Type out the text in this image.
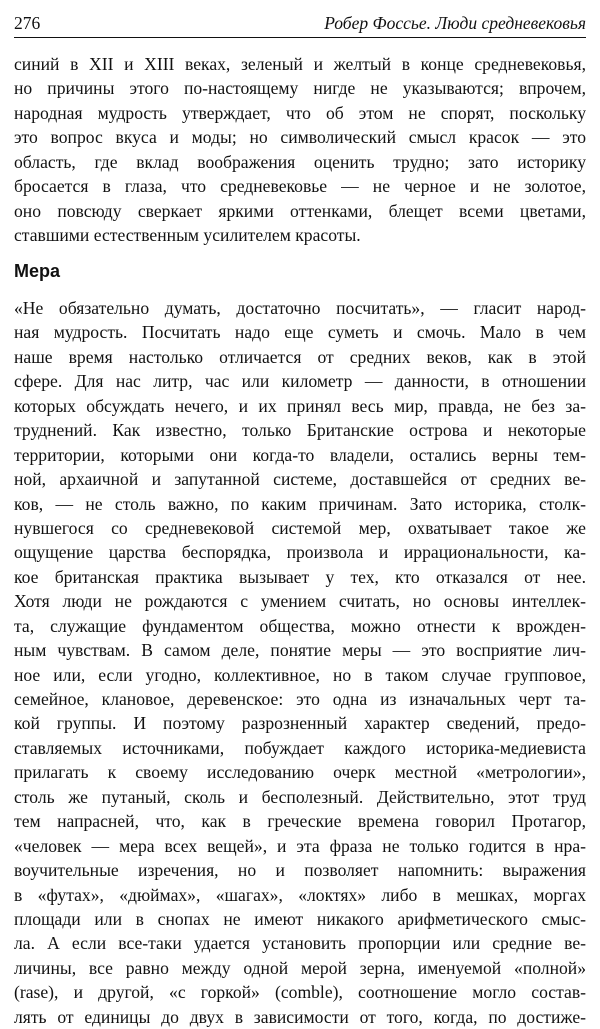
276	Робер Фоссье. Люди средневековья
синий в XII и XIII веках, зеленый и желтый в конце средневековья,
но причины этого по-настоящему нигде не указываются; впрочем,
народная мудрость утверждает, что об этом не спорят, поскольку
это вопрос вкуса и моды; но символический смысл красок — это
область, где вклад воображения оценить трудно; зато историку
бросается в глаза, что средневековье — не черное и не золотое,
оно повсюду сверкает яркими оттенками, блещет всеми цветами,
ставшими естественным усилителем красоты.
Мера
«Не обязательно думать, достаточно посчитать», — гласит народ-
ная мудрость. Посчитать надо еще суметь и смочь. Мало в чем
наше время настолько отличается от средних веков, как в этой
сфере. Для нас литр, час или километр — данности, в отношении
которых обсуждать нечего, и их принял весь мир, правда, не без за-
труднений. Как известно, только Британские острова и некоторые
территории, которыми они когда-то владели, остались верны тем-
ной, архаичной и запутанной системе, доставшейся от средних ве-
ков, — не столь важно, по каким причинам. Зато историка, столк-
нувшегося со средневековой системой мер, охватывает такое же
ощущение царства беспорядка, произвола и иррациональности, ка-
кое британская практика вызывает у тех, кто отказался от нее.
Хотя люди не рождаются с умением считать, но основы интеллек-
та, служащие фундаментом общества, можно отнести к врожден-
ным чувствам. В самом деле, понятие меры — это восприятие лич-
ное или, если угодно, коллективное, но в таком случае групповое,
семейное, клановое, деревенское: это одна из изначальных черт та-
кой группы. И поэтому разрозненный характер сведений, предо-
ставляемых источниками, побуждает каждого историка-медиевиста
прилагать к своему исследованию очерк местной «метрологии»,
столь же путаный, сколь и бесполезный. Действительно, этот труд
тем напрасней, что, как в греческие времена говорил Протагор,
«человек — мера всех вещей», и эта фраза не только годится в нра-
воучительные изречения, но и позволяет напомнить: выражения
в «футах», «дюймах», «шагах», «локтях» либо в мешках, моргах
площади или в снопах не имеют никакого арифметического смыс-
ла. А если все-таки удается установить пропорции или средние ве-
личины, все равно между одной мерой зерна, именуемой «полной»
(rase), и другой, «с горкой» (comble), соотношение могло состав-
лять от единицы до двух в зависимости от того, когда, по достиже-
